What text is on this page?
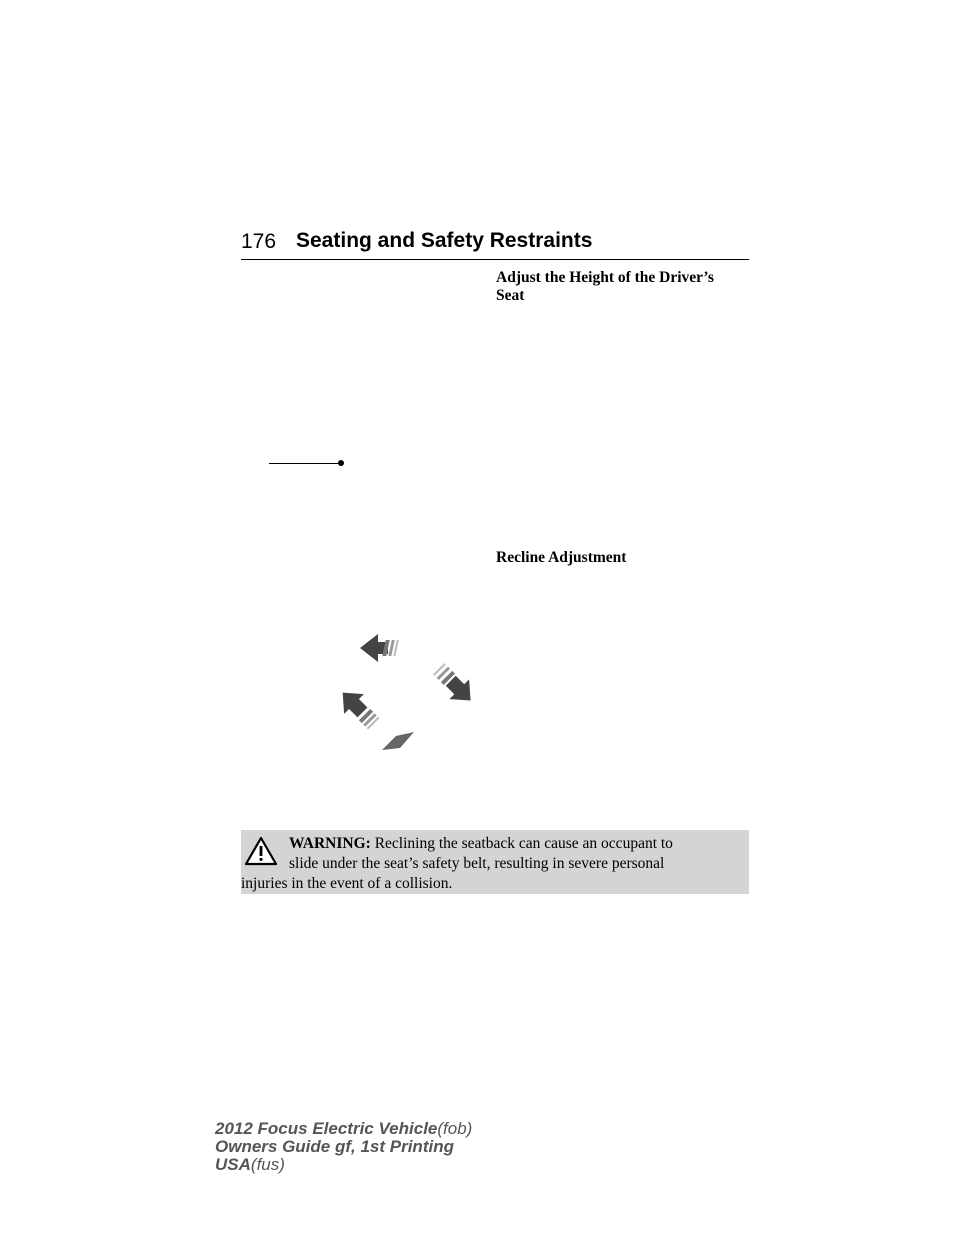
176 Seating and Safety Restraints
Adjust the Height of the Driver’s
Seat
Recline Adjustment
WARNING: Reclining the seatback can cause an occupant to
slide under the seat’s safety belt, resulting in severe personal
injuries in the event of a collision.
2012 Focus Electric Vehicle(fob)
Owners Guide gf, 1st Printing
USA(fus)
